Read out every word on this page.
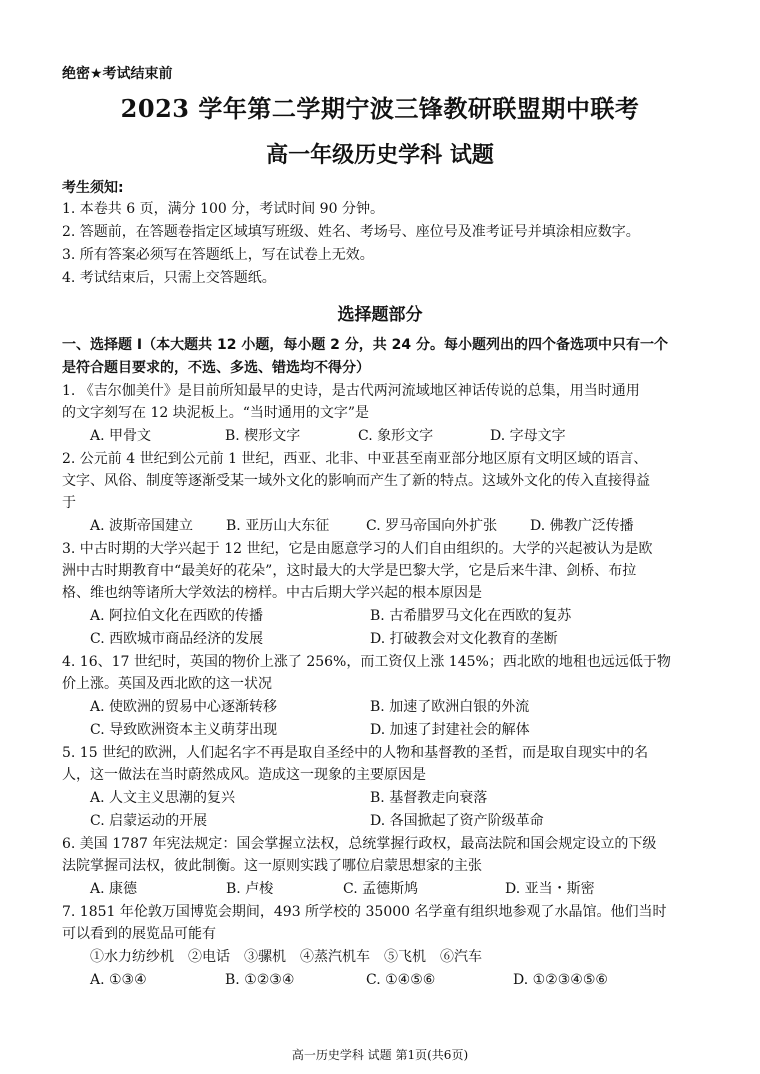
绝密★考试结束前
2023 学年第二学期宁波三锋教研联盟期中联考
高一年级历史学科 试题
考生须知:
1. 本卷共 6 页，满分 100 分，考试时间 90 分钟。
2. 答题前，在答题卷指定区域填写班级、姓名、考场号、座位号及准考证号并填涂相应数字。
3. 所有答案必须写在答题纸上，写在试卷上无效。
4. 考试结束后，只需上交答题纸。
选择题部分
一、选择题 I（本大题共 12 小题，每小题 2 分，共 24 分。每小题列出的四个备选项中只有一个
是符合题目要求的，不选、多选、错选均不得分）
1. 《吉尔伽美什》是目前所知最早的史诗，是古代两河流域地区神话传说的总集，用当时通用
的文字刻写在 12 块泥板上。“当时通用的文字”是
A. 甲骨文	B. 楔形文字	C. 象形文字	D. 字母文字
2. 公元前 4 世纪到公元前 1 世纪，西亚、北非、中亚甚至南亚部分地区原有文明区域的语言、
文字、风俗、制度等逐渐受某一域外文化的影响而产生了新的特点。这域外文化的传入直接得益
于
A. 波斯帝国建立 B. 亚历山大东征	C. 罗马帝国向外扩张 D. 佛教广泛传播
3. 中古时期的大学兴起于 12 世纪，它是由愿意学习的人们自由组织的。大学的兴起被认为是欧
洲中古时期教育中“最美好的花朵”，这时最大的大学是巴黎大学，它是后来牛津、剑桥、布拉
格、维也纳等诸所大学效法的榜样。中古后期大学兴起的根本原因是
A. 阿拉伯文化在西欧的传播	B. 古希腊罗马文化在西欧的复苏
C. 西欧城市商品经济的发展	D. 打破教会对文化教育的垄断
4. 16、17 世纪时，英国的物价上涨了 256%，而工资仅上涨 145%；西北欧的地租也远远低于物
价上涨。英国及西北欧的这一状况
A. 使欧洲的贸易中心逐渐转移	B. 加速了欧洲白银的外流
C. 导致欧洲资本主义萌芽出现	D. 加速了封建社会的解体
5. 15 世纪的欧洲，人们起名字不再是取自圣经中的人物和基督教的圣哲，而是取自现实中的名
人，这一做法在当时蔚然成风。造成这一现象的主要原因是
A. 人文主义思潮的复兴	B. 基督教走向衰落
C. 启蒙运动的开展	D. 各国掀起了资产阶级革命
6. 美国 1787 年宪法规定：国会掌握立法权，总统掌握行政权，最高法院和国会规定设立的下级
法院掌握司法权，彼此制衡。这一原则实践了哪位启蒙思想家的主张
A. 康德	B. 卢梭	C. 孟德斯鸠	D. 亚当・斯密
7. 1851 年伦敦万国博览会期间，493 所学校的 35000 名学童有组织地参观了水晶馆。他们当时
可以看到的展览品可能有
①水力纺纱机　②电话　③骡机　④蒸汽机车　⑤飞机　⑥汽车
A. ①③④	B. ①②③④	C. ①④⑤⑥	D. ①②③④⑤⑥
高一历史学科 试题 第1页(共6页)
